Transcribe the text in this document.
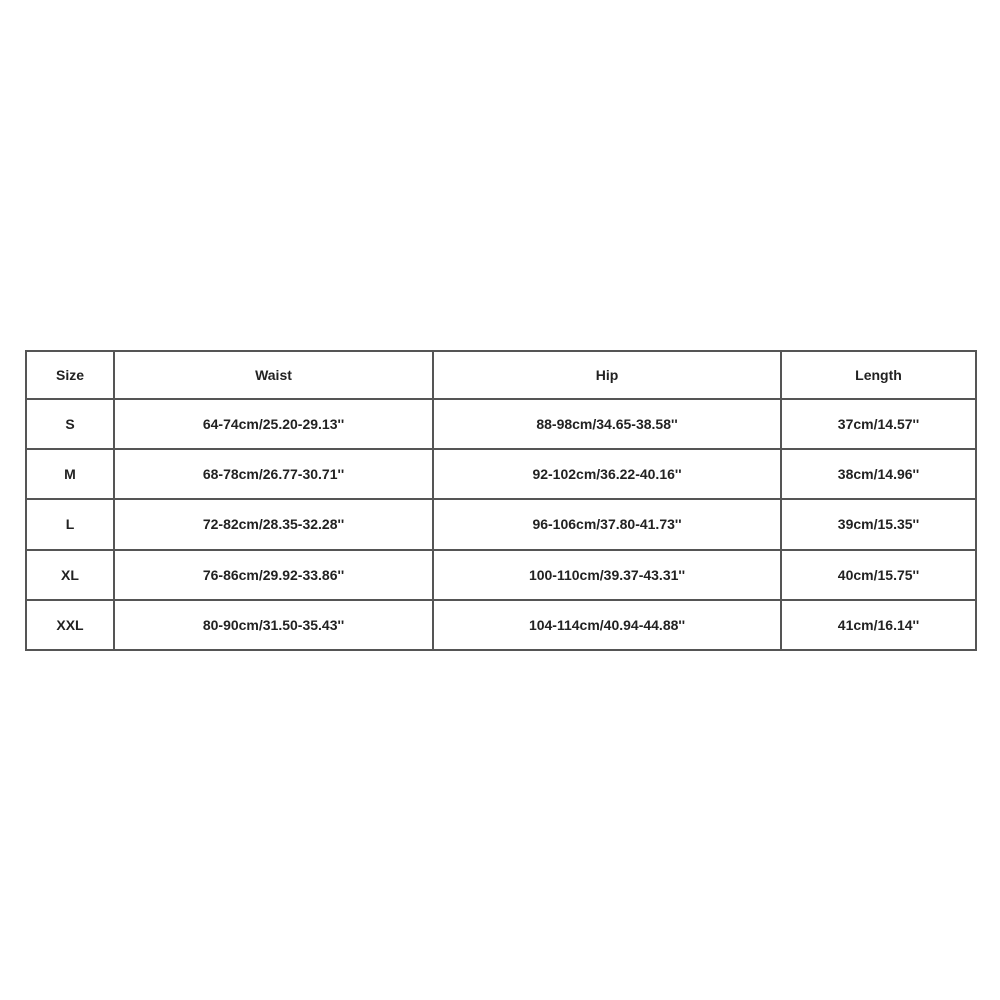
Size	Waist	Hip	Length
S	64-74cm/25.20-29.13''	88-98cm/34.65-38.58''	37cm/14.57''
M	68-78cm/26.77-30.71''	92-102cm/36.22-40.16''	38cm/14.96''
L	72-82cm/28.35-32.28''	96-106cm/37.80-41.73''	39cm/15.35''
XL	76-86cm/29.92-33.86''	100-110cm/39.37-43.31''	40cm/15.75''
XXL	80-90cm/31.50-35.43''	104-114cm/40.94-44.88''	41cm/16.14''
